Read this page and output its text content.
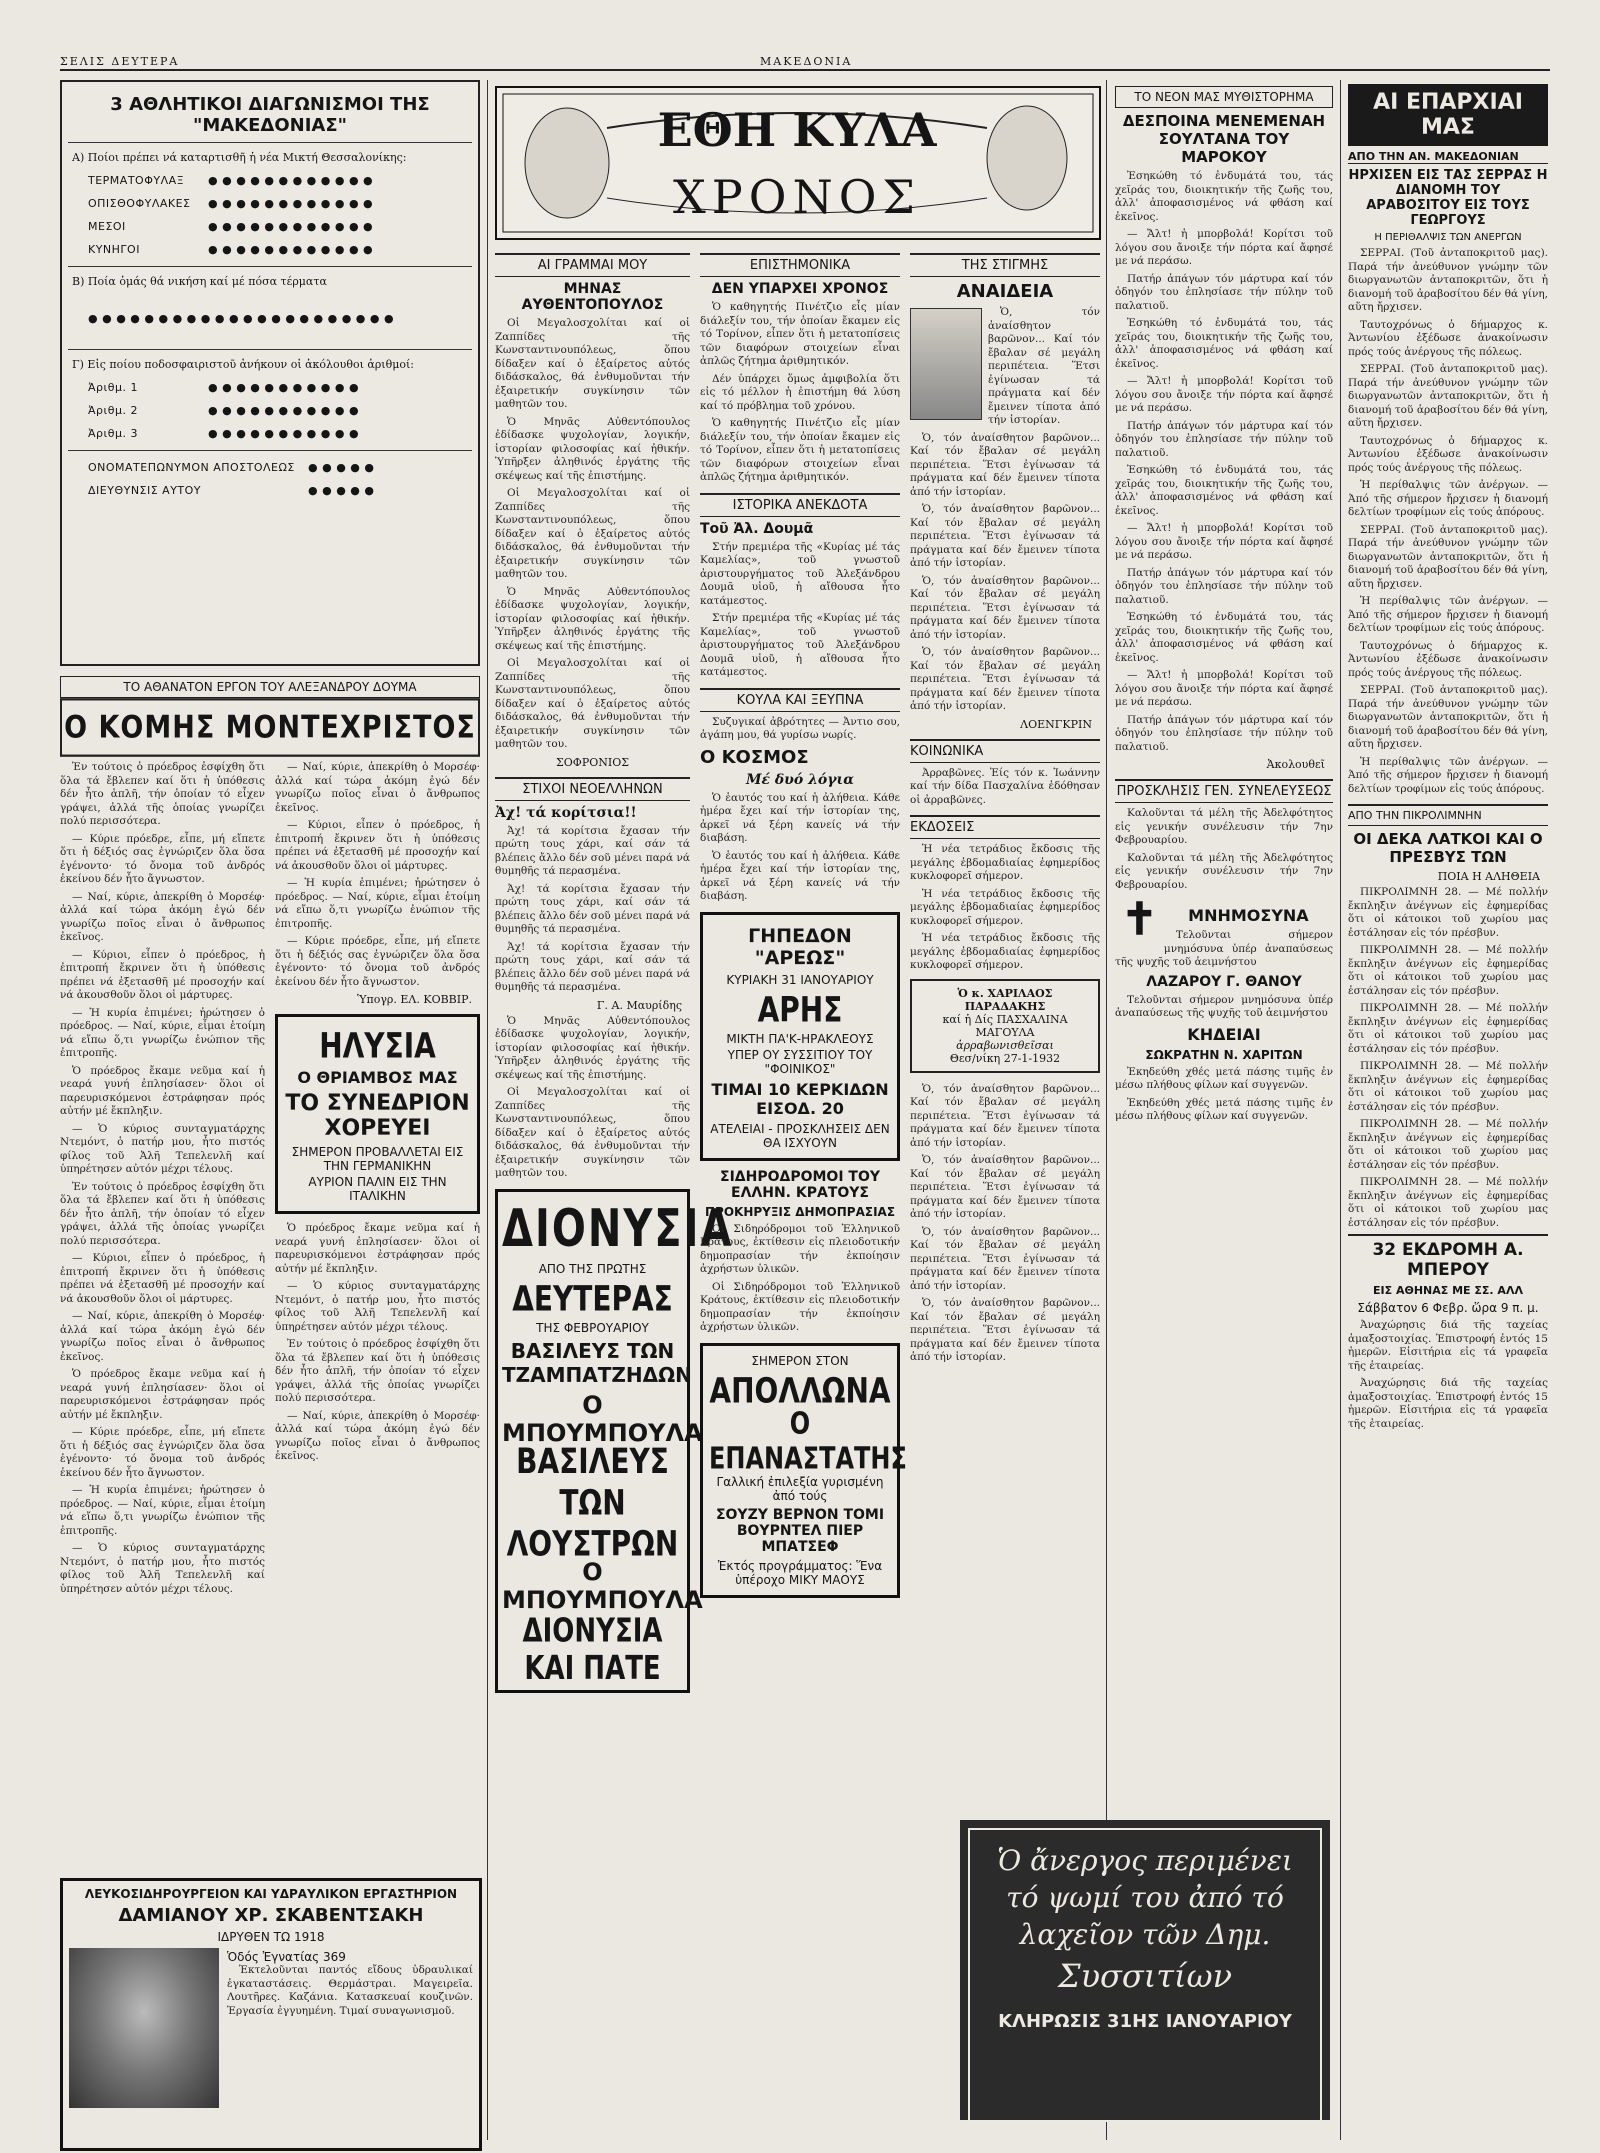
ΣΕΛΙΣ ΔΕΥΤΕΡΑ	ΜΑΚΕΔΟΝΙΑ
3 ΑΘΛΗΤΙΚΟΙ ΔΙΑΓΩΝΙΣΜΟΙ ΤΗΣ "ΜΑΚΕΔΟΝΙΑΣ"
Α) Ποίοι πρέπει νά καταρτισθῆ ἡ νέα Μικτή Θεσσαλονίκης:
ΤΕΡΜΑΤΟΦΥΛΑΞ ● ● ● ● ● ● ● ● ● ● ● ●
ΟΠΙΣΘΟΦΥΛΑΚΕΣ ● ● ● ● ● ● ● ● ● ● ● ●
ΜΕΣΟΙ	● ● ● ● ● ● ● ● ● ● ● ●
ΚΥΝΗΓΟΙ	● ● ● ● ● ● ● ● ● ● ● ●
Β) Ποία ὁμάς θά νικήση καί μέ πόσα τέρματα
● ● ● ● ● ● ● ● ● ● ● ● ● ● ● ● ● ● ● ● ● ●
Γ) Εἰς ποίου ποδοσφαιριστοῦ ἀνήκουν οἱ ἀκόλουθοι ἀριθμοί:
Ἀριθμ. 1	● ● ● ● ● ● ● ● ● ● ●
Ἀριθμ. 2	● ● ● ● ● ● ● ● ● ● ●
Ἀριθμ. 3	● ● ● ● ● ● ● ● ● ● ●
ΟΝΟΜΑΤΕΠΩΝΥΜΟΝ ΑΠΟΣΤΟΛΕΩΣ ● ● ● ● ●
ΔΙΕΥΘΥΝΣΙΣ ΑΥΤΟΥ	● ● ● ● ●
ΤΟ ΑΘΑΝΑΤΟΝ ΕΡΓΟΝ ΤΟΥ ΑΛΕΞΑΝΔΡΟΥ ΔΟΥΜΑ
Ο ΚΟΜΗΣ ΜΟΝΤΕΧΡΙΣΤΟΣ

Ἐν τούτοις ὁ πρόεδρος ἐσφίχθη ὅτι ὅλα τά ἔβλεπεν καί ὅτι ἡ ὑπόθεσις δέν ἦτο ἁπλῆ, τήν ὁποίαν τό εἶχεν γράψει, ἀλλά τῆς ὁποίας γνωρίζει πολύ περισσότερα.

— Κύριε πρόεδρε, εἶπε, μή εἴπετε ὅτι ἡ δέξιός σας ἐγνώριζεν ὅλα ὅσα ἐγένοντο· τό ὄνομα τοῦ ἀνδρός ἐκείνου δέν ἦτο ἄγνωστον.

— Ναί, κύριε, ἀπεκρίθη ὁ Μορσέφ· ἀλλά καί τώρα ἀκόμη ἐγώ δέν γνωρίζω ποῖος εἶναι ὁ ἄνθρωπος ἐκεῖνος.

— Κύριοι, εἶπεν ὁ πρόεδρος, ἡ ἐπιτροπή ἔκρινεν ὅτι ἡ ὑπόθεσις πρέπει νά ἐξετασθῆ μέ προσοχήν καί νά ἀκουσθοῦν ὅλοι οἱ μάρτυρες.

— Ἡ κυρία ἐπιμένει; ἠρώτησεν ὁ πρόεδρος. — Ναί, κύριε, εἶμαι ἑτοίμη νά εἴπω ὅ,τι γνωρίζω ἐνώπιον τῆς ἐπιτροπῆς.

Ὁ πρόεδρος ἔκαμε νεῦμα καί ἡ νεαρά γυνή ἐπλησίασεν· ὅλοι οἱ παρευρισκόμενοι ἐστράφησαν πρός αὐτήν μέ ἔκπληξιν.

— Ὁ κύριος συνταγματάρχης Ντεμόντ, ὁ πατήρ μου, ἦτο πιστός φίλος τοῦ Ἀλῆ Τεπελενλῆ καί ὑπηρέτησεν αὐτόν μέχρι τέλους.

Ἐν τούτοις ὁ πρόεδρος ἐσφίχθη ὅτι ὅλα τά ἔβλεπεν καί ὅτι ἡ ὑπόθεσις δέν ἦτο ἁπλῆ, τήν ὁποίαν τό εἶχεν γράψει, ἀλλά τῆς ὁποίας γνωρίζει πολύ περισσότερα.

— Κύριοι, εἶπεν ὁ πρόεδρος, ἡ ἐπιτροπή ἔκρινεν ὅτι ἡ ὑπόθεσις πρέπει νά ἐξετασθῆ μέ προσοχήν καί νά ἀκουσθοῦν ὅλοι οἱ μάρτυρες.

— Ναί, κύριε, ἀπεκρίθη ὁ Μορσέφ· ἀλλά καί τώρα ἀκόμη ἐγώ δέν γνωρίζω ποῖος εἶναι ὁ ἄνθρωπος ἐκεῖνος.

Ὁ πρόεδρος ἔκαμε νεῦμα καί ἡ νεαρά γυνή ἐπλησίασεν· ὅλοι οἱ παρευρισκόμενοι ἐστράφησαν πρός αὐτήν μέ ἔκπληξιν.

— Κύριε πρόεδρε, εἶπε, μή εἴπετε ὅτι ἡ δέξιός σας ἐγνώριζεν ὅλα ὅσα ἐγένοντο· τό ὄνομα τοῦ ἀνδρός ἐκείνου δέν ἦτο ἄγνωστον.

— Ἡ κυρία ἐπιμένει; ἠρώτησεν ὁ πρόεδρος. — Ναί, κύριε, εἶμαι ἑτοίμη νά εἴπω ὅ,τι γνωρίζω ἐνώπιον τῆς ἐπιτροπῆς.

— Ὁ κύριος συνταγματάρχης Ντεμόντ, ὁ πατήρ μου, ἦτο πιστός φίλος τοῦ Ἀλῆ Τεπελενλῆ καί ὑπηρέτησεν αὐτόν μέχρι τέλους.

— Ναί, κύριε, ἀπεκρίθη ὁ Μορσέφ· ἀλλά καί τώρα ἀκόμη ἐγώ δέν γνωρίζω ποῖος εἶναι ὁ ἄνθρωπος ἐκεῖνος.

— Κύριοι, εἶπεν ὁ πρόεδρος, ἡ ἐπιτροπή ἔκρινεν ὅτι ἡ ὑπόθεσις πρέπει νά ἐξετασθῆ μέ προσοχήν καί νά ἀκουσθοῦν ὅλοι οἱ μάρτυρες.

— Ἡ κυρία ἐπιμένει; ἠρώτησεν ὁ πρόεδρος. — Ναί, κύριε, εἶμαι ἑτοίμη νά εἴπω ὅ,τι γνωρίζω ἐνώπιον τῆς ἐπιτροπῆς.

— Κύριε πρόεδρε, εἶπε, μή εἴπετε ὅτι ἡ δέξιός σας ἐγνώριζεν ὅλα ὅσα ἐγένοντο· τό ὄνομα τοῦ ἀνδρός ἐκείνου δέν ἦτο ἄγνωστον.

Ὑπογρ. ΕΛ. ΚΟΒΒΙΡ.
ΗΛΥΣΙΑ
Ο ΘΡΙΑΜΒΟΣ ΜΑΣ
ΤΟ ΣΥΝΕΔΡΙΟΝ ΧΟΡΕΥΕΙ
ΣΗΜΕΡΟΝ ΠΡΟΒΑΛΛΕΤΑΙ ΕΙΣ ΤΗΝ ΓΕΡΜΑΝΙΚΗΝ
ΑΥΡΙΟΝ ΠΑΛΙΝ ΕΙΣ ΤΗΝ ΙΤΑΛΙΚΗΝ

Ὁ πρόεδρος ἔκαμε νεῦμα καί ἡ νεαρά γυνή ἐπλησίασεν· ὅλοι οἱ παρευρισκόμενοι ἐστράφησαν πρός αὐτήν μέ ἔκπληξιν.

— Ὁ κύριος συνταγματάρχης Ντεμόντ, ὁ πατήρ μου, ἦτο πιστός φίλος τοῦ Ἀλῆ Τεπελενλῆ καί ὑπηρέτησεν αὐτόν μέχρι τέλους.

Ἐν τούτοις ὁ πρόεδρος ἐσφίχθη ὅτι ὅλα τά ἔβλεπεν καί ὅτι ἡ ὑπόθεσις δέν ἦτο ἁπλῆ, τήν ὁποίαν τό εἶχεν γράψει, ἀλλά τῆς ὁποίας γνωρίζει πολύ περισσότερα.

— Ναί, κύριε, ἀπεκρίθη ὁ Μορσέφ· ἀλλά καί τώρα ἀκόμη ἐγώ δέν γνωρίζω ποῖος εἶναι ὁ ἄνθρωπος ἐκεῖνος.

ΛΕΥΚΟΣΙΔΗΡΟΥΡΓΕΙΟΝ ΚΑΙ ΥΔΡΑΥΛΙΚΟΝ ΕΡΓΑΣΤΗΡΙΟΝ
ΔΑΜΙΑΝΟΥ ΧΡ. ΣΚΑΒΕΝΤΣΑΚΗ
ΙΔΡΥΘΕΝ ΤΩ 1918
Ὁδός Ἐγνατίας 369
Ἐκτελοῦνται παντός εἴδους ὑδραυλικαί ἐγκαταστάσεις. Θερμάστραι. Μαγειρεῖα. Λουτῆρες. Καζάνια. Κατασκευαί κουζινῶν. Ἐργασία ἐγγυημένη. Τιμαί συναγωνισμοῦ.
ΕΘΗ ΚΥΛΑ
ΧΡΟΝΟΣ
ΑΙ ΓΡΑΜΜΑΙ ΜΟΥ
ΜΗΝΑΣ ΑΥΘΕΝΤΟΠΟΥΛΟΣ

Οἱ Μεγαλοσχολίται καί οἱ Ζαππίδες τῆς Κωνσταντινουπόλεως, ὅπου δίδαξεν καί ὁ ἐξαίρετος αὐτός διδάσκαλος, θά ἐνθυμοῦνται τήν ἐξαιρετικήν συγκίνησιν τῶν μαθητῶν του.

Ὁ Μηνᾶς Αὐθεντόπουλος ἐδίδασκε ψυχολογίαν, λογικήν, ἱστορίαν φιλοσοφίας καί ἠθικήν. Ὑπῆρξεν ἀληθινός ἐργάτης τῆς σκέψεως καί τῆς ἐπιστήμης.

Οἱ Μεγαλοσχολίται καί οἱ Ζαππίδες τῆς Κωνσταντινουπόλεως, ὅπου δίδαξεν καί ὁ ἐξαίρετος αὐτός διδάσκαλος, θά ἐνθυμοῦνται τήν ἐξαιρετικήν συγκίνησιν τῶν μαθητῶν του.

Ὁ Μηνᾶς Αὐθεντόπουλος ἐδίδασκε ψυχολογίαν, λογικήν, ἱστορίαν φιλοσοφίας καί ἠθικήν. Ὑπῆρξεν ἀληθινός ἐργάτης τῆς σκέψεως καί τῆς ἐπιστήμης.

Οἱ Μεγαλοσχολίται καί οἱ Ζαππίδες τῆς Κωνσταντινουπόλεως, ὅπου δίδαξεν καί ὁ ἐξαίρετος αὐτός διδάσκαλος, θά ἐνθυμοῦνται τήν ἐξαιρετικήν συγκίνησιν τῶν μαθητῶν του.

ΣΟΦΡΟΝΙΟΣ
ΣΤΙΧΟΙ ΝΕΟΕΛΛΗΝΩΝ
Ἀχ! τά κορίτσια!!

Ἀχ! τά κορίτσια ἔχασαν τήν πρώτη τους χάρι, καί σάν τά βλέπεις ἄλλο δέν σοῦ μένει παρά νά θυμηθῆς τά περασμένα.

Ἀχ! τά κορίτσια ἔχασαν τήν πρώτη τους χάρι, καί σάν τά βλέπεις ἄλλο δέν σοῦ μένει παρά νά θυμηθῆς τά περασμένα.

Ἀχ! τά κορίτσια ἔχασαν τήν πρώτη τους χάρι, καί σάν τά βλέπεις ἄλλο δέν σοῦ μένει παρά νά θυμηθῆς τά περασμένα.

Γ. Α. Μαυρίδης

Ὁ Μηνᾶς Αὐθεντόπουλος ἐδίδασκε ψυχολογίαν, λογικήν, ἱστορίαν φιλοσοφίας καί ἠθικήν. Ὑπῆρξεν ἀληθινός ἐργάτης τῆς σκέψεως καί τῆς ἐπιστήμης.

Οἱ Μεγαλοσχολίται καί οἱ Ζαππίδες τῆς Κωνσταντινουπόλεως, ὅπου δίδαξεν καί ὁ ἐξαίρετος αὐτός διδάσκαλος, θά ἐνθυμοῦνται τήν ἐξαιρετικήν συγκίνησιν τῶν μαθητῶν του.

ΔΙΟΝΥΣΙΑ
ΑΠΟ ΤΗΣ ΠΡΩΤΗΣ
ΔΕΥΤΕΡΑΣ
ΤΗΣ ΦΕΒΡΟΥΑΡΙΟΥ
ΒΑΣΙΛΕΥΣ ΤΩΝ ΤΖΑΜΠΑΤΖΗΔΩΝ
Ο ΜΠΟΥΜΠΟΥΛΑ
ΒΑΣΙΛΕΥΣ ΤΩΝ ΛΟΥΣΤΡΩΝ
Ο ΜΠΟΥΜΠΟΥΛΑ
ΔΙΟΝΥΣΙΑ ΚΑΙ ΠΑΤΕ
ΕΠΙΣΤΗΜΟΝΙΚΑ
ΔΕΝ ΥΠΑΡΧΕΙ ΧΡΟΝΟΣ

Ὁ καθηγητής Πινέτζιο εἶς μίαν διάλεξίν του, τήν ὁποίαν ἔκαμεν εἰς τό Τορίνον, εἶπεν ὅτι ἡ μετατοπίσεις τῶν διαφόρων στοιχείων εἶναι ἁπλῶς ζήτημα ἀριθμητικόν.

Δέν ὑπάρχει ὅμως ἀμφιβολία ὅτι εἰς τό μέλλον ἡ ἐπιστήμη θά λύση καί τό πρόβλημα τοῦ χρόνου.

Ὁ καθηγητής Πινέτζιο εἶς μίαν διάλεξίν του, τήν ὁποίαν ἔκαμεν εἰς τό Τορίνον, εἶπεν ὅτι ἡ μετατοπίσεις τῶν διαφόρων στοιχείων εἶναι ἁπλῶς ζήτημα ἀριθμητικόν.

ΙΣΤΟΡΙΚΑ ΑΝΕΚΔΟΤΑ
Τοῦ Ἀλ. Δουμᾶ

Στήν πρεμιέρα τῆς «Κυρίας μέ τάς Καμελίας», τοῦ γνωστοῦ ἀριστουργήματος τοῦ Ἀλεξάνδρου Δουμᾶ υἱοῦ, ἡ αἴθουσα ἦτο κατάμεστος.

Στήν πρεμιέρα τῆς «Κυρίας μέ τάς Καμελίας», τοῦ γνωστοῦ ἀριστουργήματος τοῦ Ἀλεξάνδρου Δουμᾶ υἱοῦ, ἡ αἴθουσα ἦτο κατάμεστος.

ΚΟΥΛΑ ΚΑΙ ΞΕΥΠΝΑ

Συζυγικαί ἀβρότητες — Ἀντιο σου, ἀγάπη μου, θά γυρίσω νωρίς.

Ο ΚΟΣΜΟΣ
Μέ δυό λόγια

Ὁ ἑαυτός του καί ἡ ἀλήθεια. Κάθε ἡμέρα ἔχει καί τήν ἱστορίαν της, ἀρκεῖ νά ξέρη κανείς νά τήν διαβάση.

Ὁ ἑαυτός του καί ἡ ἀλήθεια. Κάθε ἡμέρα ἔχει καί τήν ἱστορίαν της, ἀρκεῖ νά ξέρη κανείς νά τήν διαβάση.

ΓΗΠΕΔΟΝ "ΑΡΕΩΣ"
ΚΥΡΙΑΚΗ 31 ΙΑΝΟΥΑΡΙΟΥ
ΑΡΗΣ
ΜΙΚΤΗ ΠΑ'Κ-ΗΡΑΚΛΕΟΥΣ
ΥΠΕΡ ΟΥ ΣΥΣΣΙΤΙΟΥ ΤΟΥ "ΦΟΙΝΙΚΟΣ"
ΤΙΜΑΙ 10 ΚΕΡΚΙΔΩΝ ΕΙΣΟΔ. 20
ΑΤΕΛΕΙΑΙ - ΠΡΟΣΚΛΗΣΕΙΣ ΔΕΝ ΘΑ ΙΣΧΥΟΥΝ
ΣΙΔΗΡΟΔΡΟΜΟΙ ΤΟΥ ΕΛΛΗΝ. ΚΡΑΤΟΥΣ
ΠΡΟΚΗΡΥΞΙΣ ΔΗΜΟΠΡΑΣΙΑΣ

Οἱ Σιδηρόδρομοι τοῦ Ἑλληνικοῦ Κράτους, ἐκτίθεσιν εἰς πλειοδοτικήν δημοπρασίαν τήν ἐκποίησιν ἀχρήστων ὑλικῶν.

Οἱ Σιδηρόδρομοι τοῦ Ἑλληνικοῦ Κράτους, ἐκτίθεσιν εἰς πλειοδοτικήν δημοπρασίαν τήν ἐκποίησιν ἀχρήστων ὑλικῶν.

ΣΗΜΕΡΟΝ ΣΤΟΝ
ΑΠΟΛΛΩΝΑ
Ο ΕΠΑΝΑΣΤΑΤΗΣ
Γαλλική ἐπιλεξία γυρισμένη ἀπό τούς
ΣΟΥΖΥ ΒΕΡΝΟΝ ΤΟΜΙ ΒΟΥΡΝΤΕΛ ΠΙΕΡ ΜΠΑΤΣΕΦ
Ἐκτός προγράμματος: Ἕνα ὑπέροχο ΜΙΚΥ ΜΑΟΥΣ
ΤΗΣ ΣΤΙΓΜΗΣ
ΑΝΑΙΔΕΙΑ

Ὁ, τόν ἀναίσθητον βαρῶνον... Καί τόν ἔβαλαν σέ μεγάλη περιπέτεια. Ἕτσι ἐγίνωσαν τά πράγματα καί δέν ἔμεινεν τίποτα ἀπό τήν ἱστορίαν.

Ὁ, τόν ἀναίσθητον βαρῶνον... Καί τόν ἔβαλαν σέ μεγάλη περιπέτεια. Ἕτσι ἐγίνωσαν τά πράγματα καί δέν ἔμεινεν τίποτα ἀπό τήν ἱστορίαν.

Ὁ, τόν ἀναίσθητον βαρῶνον... Καί τόν ἔβαλαν σέ μεγάλη περιπέτεια. Ἕτσι ἐγίνωσαν τά πράγματα καί δέν ἔμεινεν τίποτα ἀπό τήν ἱστορίαν.

Ὁ, τόν ἀναίσθητον βαρῶνον... Καί τόν ἔβαλαν σέ μεγάλη περιπέτεια. Ἕτσι ἐγίνωσαν τά πράγματα καί δέν ἔμεινεν τίποτα ἀπό τήν ἱστορίαν.

Ὁ, τόν ἀναίσθητον βαρῶνον... Καί τόν ἔβαλαν σέ μεγάλη περιπέτεια. Ἕτσι ἐγίνωσαν τά πράγματα καί δέν ἔμεινεν τίποτα ἀπό τήν ἱστορίαν.

ΛΟΕΝΓΚΡΙΝ
ΚΟΙΝΩΝΙΚΑ

Ἀρραβῶνες. Ἐίς τόν κ. Ἰωάννην καί τήν δίδα Πασχαλίνα ἐδόθησαν οἱ ἀρραβῶνες.

ΕΚΔΟΣΕΙΣ

Ἡ νέα τετράδιος ἔκδοσις τῆς μεγάλης ἐβδομαδιαίας ἐφημερίδος κυκλοφορεῖ σήμερον.

Ἡ νέα τετράδιος ἔκδοσις τῆς μεγάλης ἐβδομαδιαίας ἐφημερίδος κυκλοφορεῖ σήμερον.

Ἡ νέα τετράδιος ἔκδοσις τῆς μεγάλης ἐβδομαδιαίας ἐφημερίδος κυκλοφορεῖ σήμερον.

Ὁ κ. ΧΑΡΙΛΑΟΣ ΠΑΡΑΔΑΚΗΣ
καί ἡ Δίς ΠΑΣΧΑΛΙΝΑ ΜΑΓΟΥΛΑ
ἀρραβωνισθεῖσαι
Θεσ/νίκη 27-1-1932

Ὁ, τόν ἀναίσθητον βαρῶνον... Καί τόν ἔβαλαν σέ μεγάλη περιπέτεια. Ἕτσι ἐγίνωσαν τά πράγματα καί δέν ἔμεινεν τίποτα ἀπό τήν ἱστορίαν.

Ὁ, τόν ἀναίσθητον βαρῶνον... Καί τόν ἔβαλαν σέ μεγάλη περιπέτεια. Ἕτσι ἐγίνωσαν τά πράγματα καί δέν ἔμεινεν τίποτα ἀπό τήν ἱστορίαν.

Ὁ, τόν ἀναίσθητον βαρῶνον... Καί τόν ἔβαλαν σέ μεγάλη περιπέτεια. Ἕτσι ἐγίνωσαν τά πράγματα καί δέν ἔμεινεν τίποτα ἀπό τήν ἱστορίαν.

Ὁ, τόν ἀναίσθητον βαρῶνον... Καί τόν ἔβαλαν σέ μεγάλη περιπέτεια. Ἕτσι ἐγίνωσαν τά πράγματα καί δέν ἔμεινεν τίποτα ἀπό τήν ἱστορίαν.

ΤΟ ΝΕΟΝ ΜΑΣ ΜΥΘΙΣΤΟΡΗΜΑ
ΔΕΣΠΟΙΝΑ ΜΕΝΕΜΕΝΑΗ ΣΟΥΛΤΑΝΑ ΤΟΥ ΜΑΡΟΚΟΥ

Ἐσηκώθη τό ἐνδυμάτά του, τάς χεῖράς του, διοικητικήν τῆς ζωῆς του, ἀλλ' ἀποφασισμένος νά φθάση καί ἐκεῖνος.

— Ἄλτ! ἡ μπορβολά! Κορίτσι τοῦ λόγου σου ἄνοιξε τήν πόρτα καί ἄφησέ με νά περάσω.

Πατήρ ἀπάγων τόν μάρτυρα καί τόν ὁδηγόν του ἐπλησίασε τήν πύλην τοῦ παλατιοῦ.

Ἐσηκώθη τό ἐνδυμάτά του, τάς χεῖράς του, διοικητικήν τῆς ζωῆς του, ἀλλ' ἀποφασισμένος νά φθάση καί ἐκεῖνος.

— Ἄλτ! ἡ μπορβολά! Κορίτσι τοῦ λόγου σου ἄνοιξε τήν πόρτα καί ἄφησέ με νά περάσω.

Πατήρ ἀπάγων τόν μάρτυρα καί τόν ὁδηγόν του ἐπλησίασε τήν πύλην τοῦ παλατιοῦ.

Ἐσηκώθη τό ἐνδυμάτά του, τάς χεῖράς του, διοικητικήν τῆς ζωῆς του, ἀλλ' ἀποφασισμένος νά φθάση καί ἐκεῖνος.

— Ἄλτ! ἡ μπορβολά! Κορίτσι τοῦ λόγου σου ἄνοιξε τήν πόρτα καί ἄφησέ με νά περάσω.

Πατήρ ἀπάγων τόν μάρτυρα καί τόν ὁδηγόν του ἐπλησίασε τήν πύλην τοῦ παλατιοῦ.

Ἐσηκώθη τό ἐνδυμάτά του, τάς χεῖράς του, διοικητικήν τῆς ζωῆς του, ἀλλ' ἀποφασισμένος νά φθάση καί ἐκεῖνος.

— Ἄλτ! ἡ μπορβολά! Κορίτσι τοῦ λόγου σου ἄνοιξε τήν πόρτα καί ἄφησέ με νά περάσω.

Πατήρ ἀπάγων τόν μάρτυρα καί τόν ὁδηγόν του ἐπλησίασε τήν πύλην τοῦ παλατιοῦ.

Ἀκολουθεῖ
ΠΡΟΣΚΛΗΣΙΣ ΓΕΝ. ΣΥΝΕΛΕΥΣΕΩΣ

Καλοῦνται τά μέλη τῆς Ἀδελφότητος εἰς γενικήν συνέλευσιν τήν 7ην Φεβρουαρίου.

Καλοῦνται τά μέλη τῆς Ἀδελφότητος εἰς γενικήν συνέλευσιν τήν 7ην Φεβρουαρίου.

✝	ΜΝΗΜΟΣΥΝΑ

Τελοῦνται σήμερον μνημόσυνα ὑπέρ ἀναπαύσεως τῆς ψυχῆς τοῦ ἀειμνήστου

ΛΑΖΑΡΟΥ Γ. ΘΑΝΟΥ

Τελοῦνται σήμερον μνημόσυνα ὑπέρ ἀναπαύσεως τῆς ψυχῆς τοῦ ἀειμνήστου

ΚΗΔΕΙΑΙ
ΣΩΚΡΑΤΗΝ Ν. ΧΑΡΙΤΩΝ

Ἐκηδεύθη χθές μετά πάσης τιμῆς ἐν μέσω πλήθους φίλων καί συγγενῶν.

Ἐκηδεύθη χθές μετά πάσης τιμῆς ἐν μέσω πλήθους φίλων καί συγγενῶν.

Ὁ ἄνεργος περιμένει
τό ψωμί του ἀπό τό
λαχεῖον τῶν Δημ.
Συσσιτίων
ΚΛΗΡΩΣΙΣ 31ΗΣ ΙΑΝΟΥΑΡΙΟΥ
ΑΙ ΕΠΑΡΧΙΑΙ ΜΑΣ
ΑΠΟ ΤΗΝ ΑΝ. ΜΑΚΕΔΟΝΙΑΝ
ΗΡΧΙΣΕΝ ΕΙΣ ΤΑΣ ΣΕΡΡΑΣ Η ΔΙΑΝΟΜΗ ΤΟΥ ΑΡΑΒΟΣΙΤΟΥ ΕΙΣ ΤΟΥΣ ΓΕΩΡΓΟΥΣ
Η ΠΕΡΙΘΑΛΨΙΣ ΤΩΝ ΑΝΕΡΓΩΝ

ΣΕΡΡΑΙ. (Τοῦ ἀνταποκριτοῦ μας). Παρά τήν ἀνεύθυνον γνώμην τῶν διωργανωτῶν ἀνταποκριτῶν, ὅτι ἡ διανομή τοῦ ἀραβοσίτου δέν θά γίνη, αὕτη ἤρχισεν.

Ταυτοχρόνως ὁ δήμαρχος κ. Ἀντωνίου ἐξέδωσε ἀνακοίνωσιν πρός τούς ἀνέργους τῆς πόλεως.

ΣΕΡΡΑΙ. (Τοῦ ἀνταποκριτοῦ μας). Παρά τήν ἀνεύθυνον γνώμην τῶν διωργανωτῶν ἀνταποκριτῶν, ὅτι ἡ διανομή τοῦ ἀραβοσίτου δέν θά γίνη, αὕτη ἤρχισεν.

Ταυτοχρόνως ὁ δήμαρχος κ. Ἀντωνίου ἐξέδωσε ἀνακοίνωσιν πρός τούς ἀνέργους τῆς πόλεως.

Ἡ περίθαλψις τῶν ἀνέργων. — Ἀπό τῆς σήμερον ἤρχισεν ἡ διανομή δελτίων τροφίμων εἰς τούς ἀπόρους.

ΣΕΡΡΑΙ. (Τοῦ ἀνταποκριτοῦ μας). Παρά τήν ἀνεύθυνον γνώμην τῶν διωργανωτῶν ἀνταποκριτῶν, ὅτι ἡ διανομή τοῦ ἀραβοσίτου δέν θά γίνη, αὕτη ἤρχισεν.

Ἡ περίθαλψις τῶν ἀνέργων. — Ἀπό τῆς σήμερον ἤρχισεν ἡ διανομή δελτίων τροφίμων εἰς τούς ἀπόρους.

Ταυτοχρόνως ὁ δήμαρχος κ. Ἀντωνίου ἐξέδωσε ἀνακοίνωσιν πρός τούς ἀνέργους τῆς πόλεως.

ΣΕΡΡΑΙ. (Τοῦ ἀνταποκριτοῦ μας). Παρά τήν ἀνεύθυνον γνώμην τῶν διωργανωτῶν ἀνταποκριτῶν, ὅτι ἡ διανομή τοῦ ἀραβοσίτου δέν θά γίνη, αὕτη ἤρχισεν.

Ἡ περίθαλψις τῶν ἀνέργων. — Ἀπό τῆς σήμερον ἤρχισεν ἡ διανομή δελτίων τροφίμων εἰς τούς ἀπόρους.

ΑΠΟ ΤΗΝ ΠΙΚΡΟΛΙΜΝΗΝ
ΟΙ ΔΕΚΑ ΛΑΤΚΟΙ ΚΑΙ Ο ΠΡΕΣΒΥΣ ΤΩΝ
ΠΟΙΑ Η ΑΛΗΘΕΙΑ

ΠΙΚΡΟΛΙΜΝΗ 28. — Μέ πολλήν ἔκπληξιν ἀνέγνων εἰς ἐφημερίδας ὅτι οἱ κάτοικοι τοῦ χωρίου μας ἐστάλησαν εἰς τόν πρέσβυν.

ΠΙΚΡΟΛΙΜΝΗ 28. — Μέ πολλήν ἔκπληξιν ἀνέγνων εἰς ἐφημερίδας ὅτι οἱ κάτοικοι τοῦ χωρίου μας ἐστάλησαν εἰς τόν πρέσβυν.

ΠΙΚΡΟΛΙΜΝΗ 28. — Μέ πολλήν ἔκπληξιν ἀνέγνων εἰς ἐφημερίδας ὅτι οἱ κάτοικοι τοῦ χωρίου μας ἐστάλησαν εἰς τόν πρέσβυν.

ΠΙΚΡΟΛΙΜΝΗ 28. — Μέ πολλήν ἔκπληξιν ἀνέγνων εἰς ἐφημερίδας ὅτι οἱ κάτοικοι τοῦ χωρίου μας ἐστάλησαν εἰς τόν πρέσβυν.

ΠΙΚΡΟΛΙΜΝΗ 28. — Μέ πολλήν ἔκπληξιν ἀνέγνων εἰς ἐφημερίδας ὅτι οἱ κάτοικοι τοῦ χωρίου μας ἐστάλησαν εἰς τόν πρέσβυν.

ΠΙΚΡΟΛΙΜΝΗ 28. — Μέ πολλήν ἔκπληξιν ἀνέγνων εἰς ἐφημερίδας ὅτι οἱ κάτοικοι τοῦ χωρίου μας ἐστάλησαν εἰς τόν πρέσβυν.

32 ΕΚΔΡΟΜΗ Α. ΜΠΕΡΟΥ
ΕΙΣ ΑΘΗΝΑΣ ΜΕ ΣΣ. ΑΛΛ
Σάββατον 6 Φεβρ. ὥρα 9 π. μ.

Ἀναχώρησις διά τῆς ταχείας ἀμαξοστοιχίας. Ἐπιστροφή ἐντός 15 ἡμερῶν. Εἰσιτήρια εἰς τά γραφεῖα τῆς ἐταιρείας.

Ἀναχώρησις διά τῆς ταχείας ἀμαξοστοιχίας. Ἐπιστροφή ἐντός 15 ἡμερῶν. Εἰσιτήρια εἰς τά γραφεῖα τῆς ἐταιρείας.
